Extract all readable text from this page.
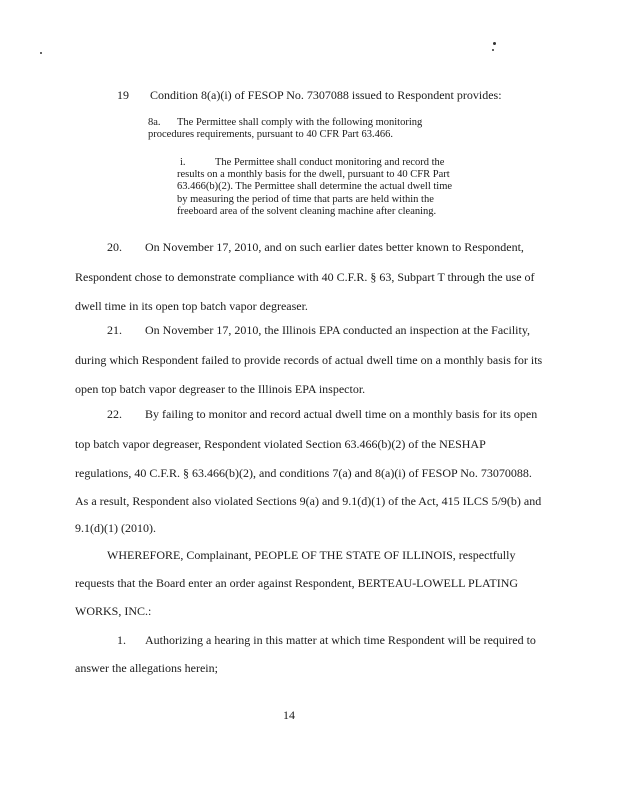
19 Condition 8(a)(i) of FESOP No. 7307088 issued to Respondent provides:
8a. The Permittee shall comply with the following monitoring
procedures requirements, pursuant to 40 CFR Part 63.466.
i.	The Permittee shall conduct monitoring and record the
results on a monthly basis for the dwell, pursuant to 40 CFR Part
63.466(b)(2). The Permittee shall determine the actual dwell time
by measuring the period of time that parts are held within the
freeboard area of the solvent cleaning machine after cleaning.
20. On November 17, 2010, and on such earlier dates better known to Respondent,
Respondent chose to demonstrate compliance with 40 C.F.R. § 63, Subpart T through the use of
dwell time in its open top batch vapor degreaser.
21. On November 17, 2010, the Illinois EPA conducted an inspection at the Facility,
during which Respondent failed to provide records of actual dwell time on a monthly basis for its
open top batch vapor degreaser to the Illinois EPA inspector.
22. By failing to monitor and record actual dwell time on a monthly basis for its open
top batch vapor degreaser, Respondent violated Section 63.466(b)(2) of the NESHAP
regulations, 40 C.F.R. § 63.466(b)(2), and conditions 7(a) and 8(a)(i) of FESOP No. 73070088.
As a result, Respondent also violated Sections 9(a) and 9.1(d)(1) of the Act, 415 ILCS 5/9(b) and
9.1(d)(1) (2010).
WHEREFORE, Complainant, PEOPLE OF THE STATE OF ILLINOIS, respectfully
requests that the Board enter an order against Respondent, BERTEAU-LOWELL PLATING
WORKS, INC.:
1. Authorizing a hearing in this matter at which time Respondent will be required to
answer the allegations herein;
14
